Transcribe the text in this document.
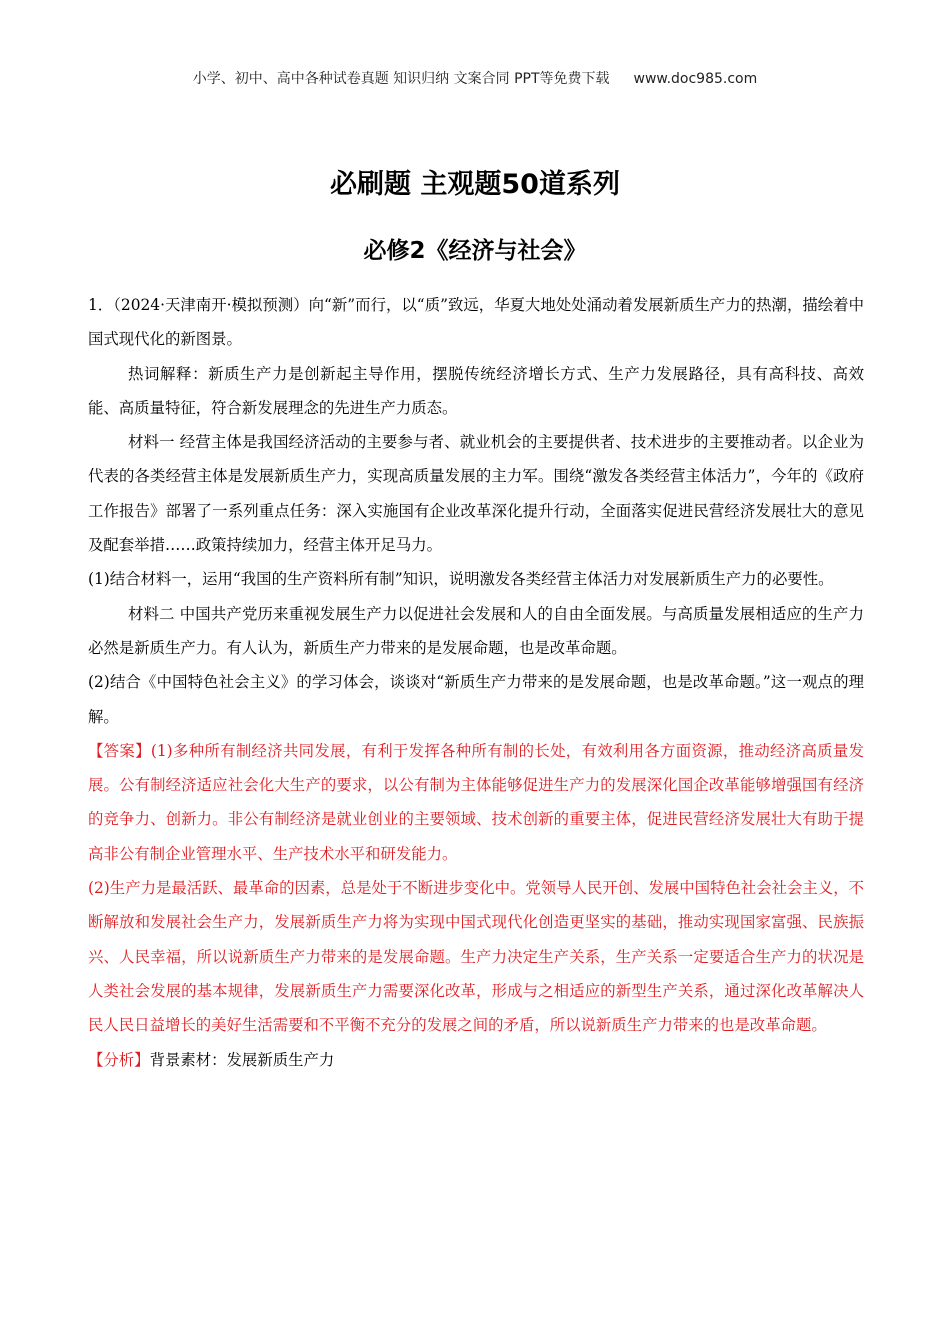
小学、初中、高中各种试卷真题 知识归纳 文案合同 PPT等免费下载 www.doc985.com
必刷题 主观题50道系列
必修2《经济与社会》

1．（2024·天津南开·模拟预测）向“新”而行，以“质”致远，华夏大地处处涌动着发展新质生产力的热潮，描绘着中国式现代化的新图景。

热词解释：新质生产力是创新起主导作用，摆脱传统经济增长方式、生产力发展路径，具有高科技、高效能、高质量特征，符合新发展理念的先进生产力质态。

材料一 经营主体是我国经济活动的主要参与者、就业机会的主要提供者、技术进步的主要推动者。以企业为代表的各类经营主体是发展新质生产力，实现高质量发展的主力军。围绕“激发各类经营主体活力”，今年的《政府工作报告》部署了一系列重点任务：深入实施国有企业改革深化提升行动，全面落实促进民营经济发展壮大的意见及配套举措……政策持续加力，经营主体开足马力。

(1)结合材料一，运用“我国的生产资料所有制”知识，说明激发各类经营主体活力对发展新质生产力的必要性。

材料二 中国共产党历来重视发展生产力以促进社会发展和人的自由全面发展。与高质量发展相适应的生产力必然是新质生产力。有人认为，新质生产力带来的是发展命题，也是改革命题。

(2)结合《中国特色社会主义》的学习体会，谈谈对“新质生产力带来的是发展命题，也是改革命题。”这一观点的理解。

【答案】(1)多种所有制经济共同发展，有利于发挥各种所有制的长处，有效利用各方面资源，推动经济高质量发展。公有制经济适应社会化大生产的要求，以公有制为主体能够促进生产力的发展深化国企改革能够增强国有经济的竞争力、创新力。非公有制经济是就业创业的主要领域、技术创新的重要主体，促进民营经济发展壮大有助于提高非公有制企业管理水平、生产技术水平和研发能力。

(2)生产力是最活跃、最革命的因素，总是处于不断进步变化中。党领导人民开创、发展中国特色社会社会主义，不断解放和发展社会生产力，发展新质生产力将为实现中国式现代化创造更坚实的基础，推动实现国家富强、民族振兴、人民幸福，所以说新质生产力带来的是发展命题。生产力决定生产关系，生产关系一定要适合生产力的状况是人类社会发展的基本规律，发展新质生产力需要深化改革，形成与之相适应的新型生产关系，通过深化改革解决人民人民日益增长的美好生活需要和不平衡不充分的发展之间的矛盾，所以说新质生产力带来的也是改革命题。

【分析】背景素材：发展新质生产力
